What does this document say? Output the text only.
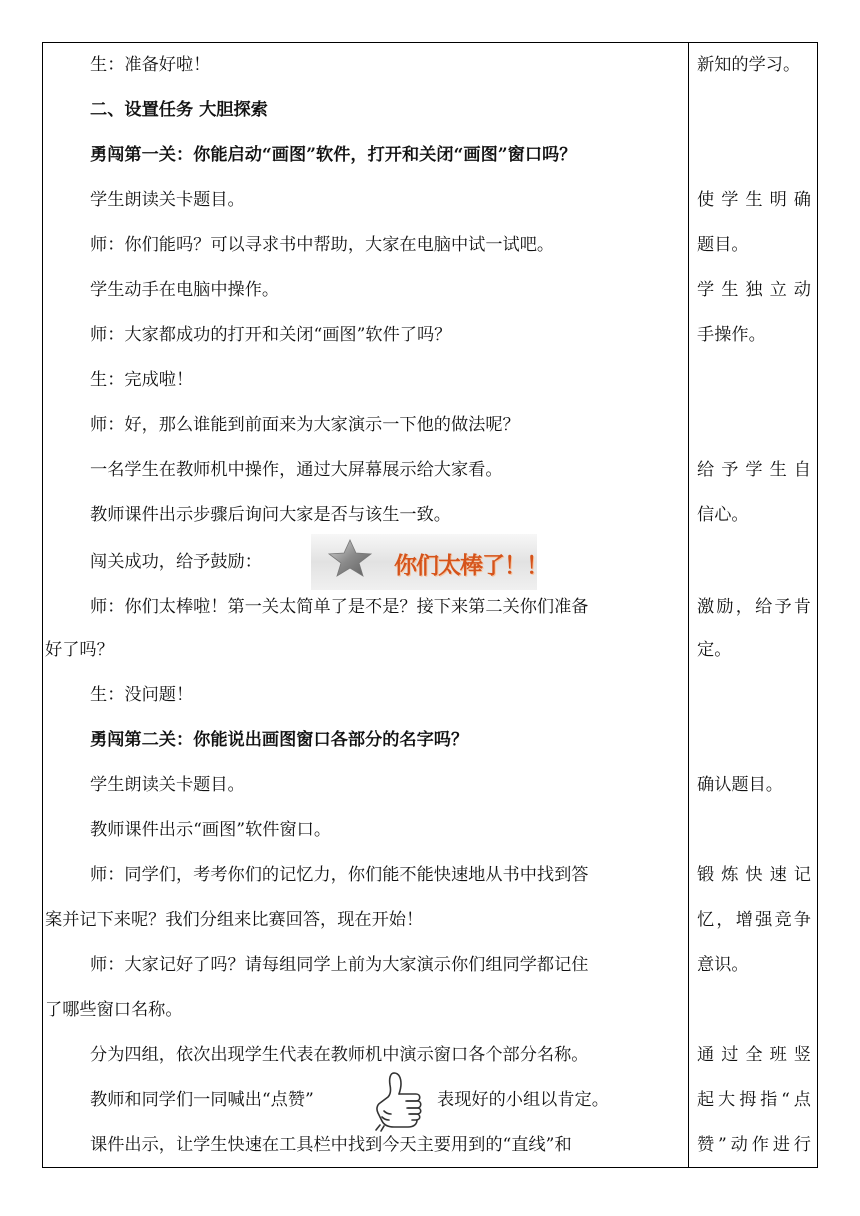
生：准备好啦！
二、设置任务 大胆探索
勇闯第一关：你能启动“画图”软件，打开和关闭“画图”窗口吗？
学生朗读关卡题目。
师：你们能吗？可以寻求书中帮助，大家在电脑中试一试吧。
学生动手在电脑中操作。
师：大家都成功的打开和关闭“画图”软件了吗？
生：完成啦！
师：好，那么谁能到前面来为大家演示一下他的做法呢？
一名学生在教师机中操作，通过大屏幕展示给大家看。
教师课件出示步骤后询问大家是否与该生一致。
闯关成功，给予鼓励：
师：你们太棒啦！第一关太简单了是不是？接下来第二关你们准备
好了吗？
生：没问题！
勇闯第二关：你能说出画图窗口各部分的名字吗？
学生朗读关卡题目。
教师课件出示“画图”软件窗口。
师：同学们，考考你们的记忆力，你们能不能快速地从书中找到答
案并记下来呢？我们分组来比赛回答，现在开始！
师：大家记好了吗？请每组同学上前为大家演示你们组同学都记住
了哪些窗口名称。
分为四组，依次出现学生代表在教师机中演示窗口各个部分名称。
教师和同学们一同喊出“点赞”	表现好的小组以肯定。
课件出示，让学生快速在工具栏中找到今天主要用到的“直线”和
你们太棒了！！
新知的学习。
使学生明确
题目。
学生独立动
手操作。
给予学生自
信心。
激励，给予肯
定。
确认题目。
锻炼快速记
忆，增强竞争
意识。
通过全班竖
起大拇指“点
赞”动作进行
